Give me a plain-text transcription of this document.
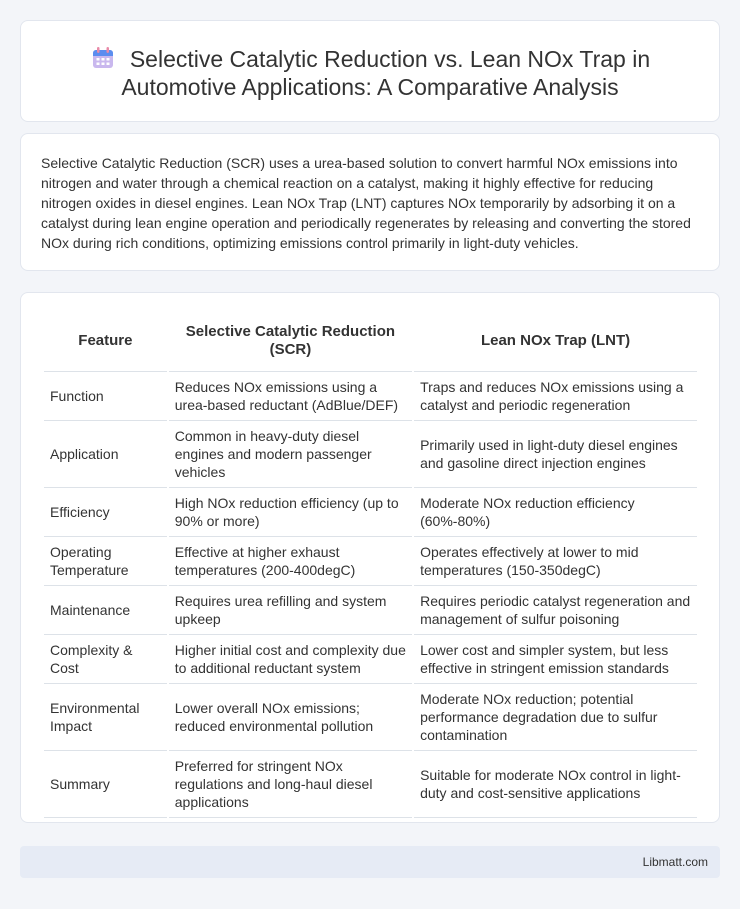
Selective Catalytic Reduction vs. Lean NOx Trap in Automotive Applications: A Comparative Analysis

Selective Catalytic Reduction (SCR) uses a urea-based solution to convert harmful NOx emissions into nitrogen and water through a chemical reaction on a catalyst, making it highly effective for reducing nitrogen oxides in diesel engines. Lean NOx Trap (LNT) captures NOx temporarily by adsorbing it on a catalyst during lean engine operation and periodically regenerates by releasing and converting the stored NOx during rich conditions, optimizing emissions control primarily in light-duty vehicles.

Feature	Selective Catalytic Reduction (SCR)	Lean NOx Trap (LNT)
Function	Reduces NOx emissions using a urea-based reductant (AdBlue/DEF)	Traps and reduces NOx emissions using a catalyst and periodic regeneration
Application	Common in heavy-duty diesel engines and modern passenger vehicles	Primarily used in light-duty diesel engines and gasoline direct injection engines
Efficiency	High NOx reduction efficiency (up to 90% or more)	Moderate NOx reduction efficiency (60%-80%)
Operating Temperature	Effective at higher exhaust temperatures (200-400degC)	Operates effectively at lower to mid temperatures (150-350degC)
Maintenance	Requires urea refilling and system upkeep	Requires periodic catalyst regeneration and management of sulfur poisoning
Complexity & Cost	Higher initial cost and complexity due to additional reductant system	Lower cost and simpler system, but less effective in stringent emission standards
Environmental Impact	Lower overall NOx emissions; reduced environmental pollution	Moderate NOx reduction; potential performance degradation due to sulfur contamination
Summary	Preferred for stringent NOx regulations and long-haul diesel applications	Suitable for moderate NOx control in light-duty and cost-sensitive applications
Libmatt.com
